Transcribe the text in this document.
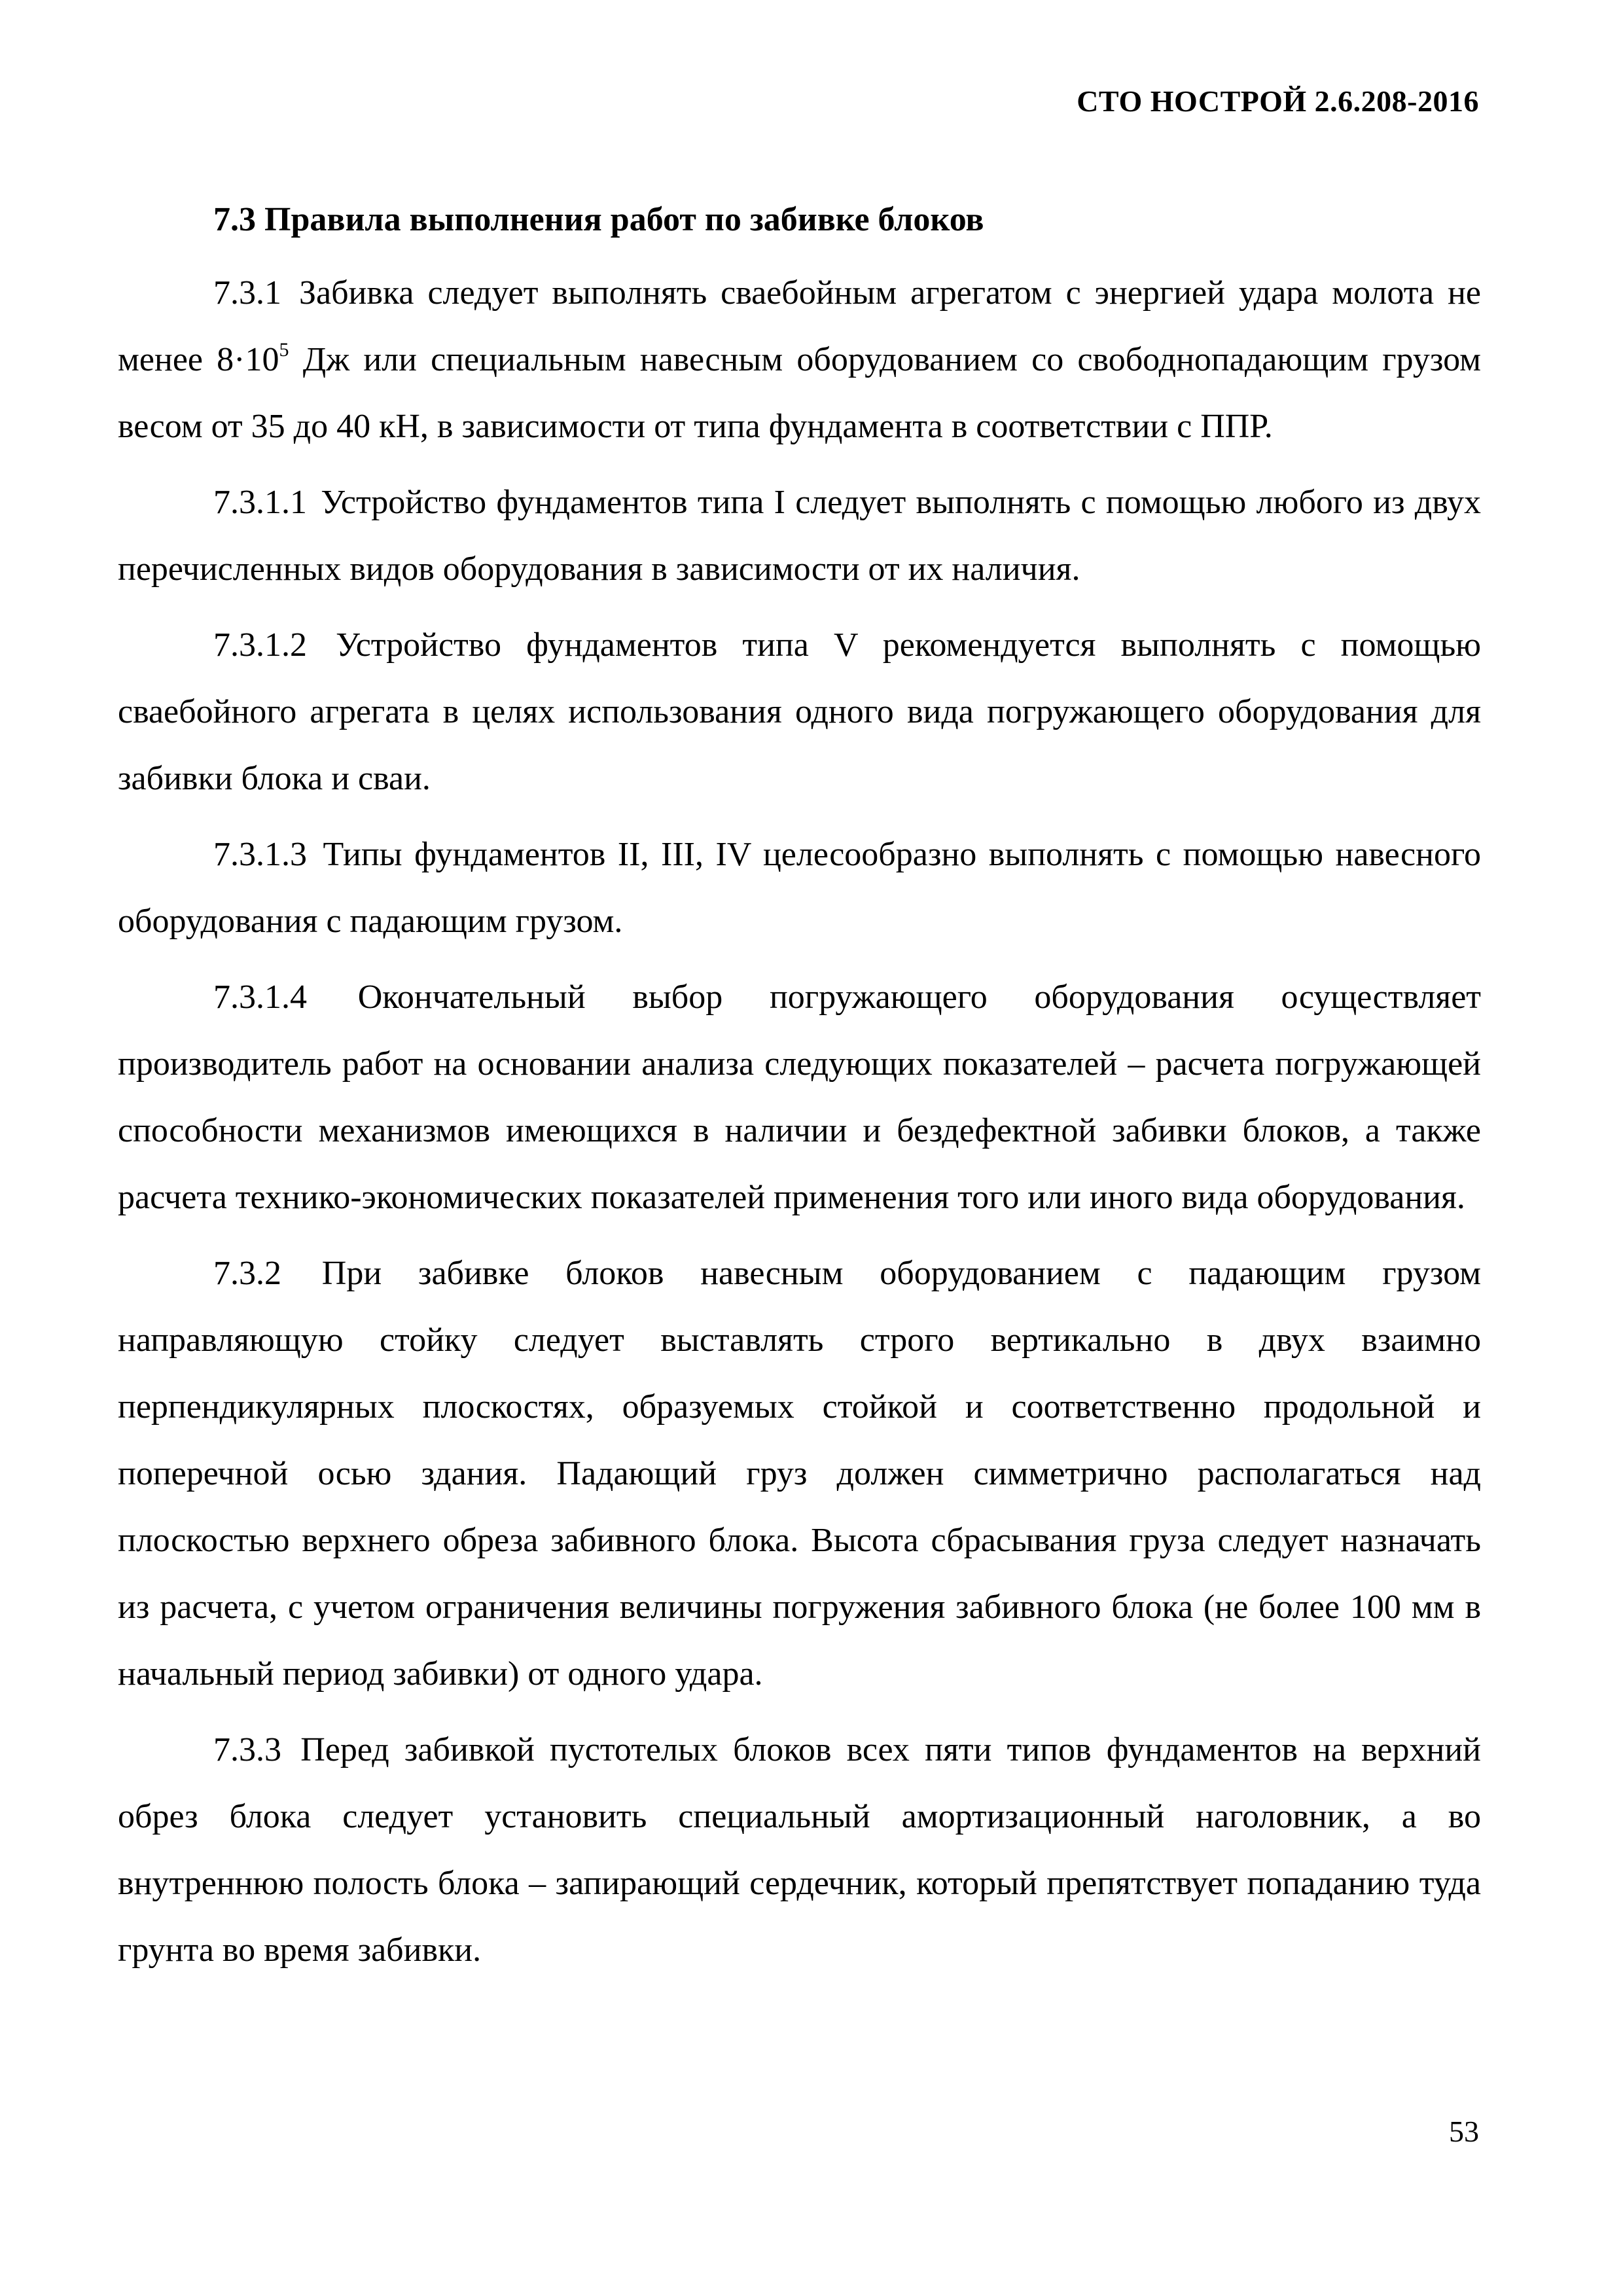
СТО НОСТРОЙ 2.6.208-2016
7.3 Правила выполнения работ по забивке блоков

7.3.1 Забивка следует выполнять сваебойным агрегатом с энергией удара молота не менее $8\cdot 10^5$ Дж или специальным навесным оборудованием со свободнопадающим грузом весом от 35 до 40 кН, в зависимости от типа фундамента в соответствии с ППР.

7.3.1.1 Устройство фундаментов типа I следует выполнять с помощью любого из двух перечисленных видов оборудования в зависимости от их наличия.

7.3.1.2 Устройство фундаментов типа V рекомендуется выполнять с помощью сваебойного агрегата в целях использования одного вида погружающего оборудования для забивки блока и сваи.

7.3.1.3 Типы фундаментов II, III, IV целесообразно выполнять с помощью навесного оборудования с падающим грузом.

7.3.1.4 Окончательный выбор погружающего оборудования осуществляет производитель работ на основании анализа следующих показателей – расчета погружающей способности механизмов имеющихся в наличии и бездефектной забивки блоков, а также расчета технико-экономических показателей применения того или иного вида оборудования.

7.3.2 При забивке блоков навесным оборудованием с падающим грузом направляющую стойку следует выставлять строго вертикально в двух взаимно перпендикулярных плоскостях, образуемых стойкой и соответственно продольной и поперечной осью здания. Падающий груз должен симметрично располагаться над плоскостью верхнего обреза забивного блока. Высота сбрасывания груза следует назначать из расчета, с учетом ограничения величины погружения забивного блока (не более 100 мм в начальный период забивки) от одного удара.

7.3.3 Перед забивкой пустотелых блоков всех пяти типов фундаментов на верхний обрез блока следует установить специальный амортизационный наголовник, а во внутреннюю полость блока – запирающий сердечник, который препятствует попаданию туда грунта во время забивки.

53
